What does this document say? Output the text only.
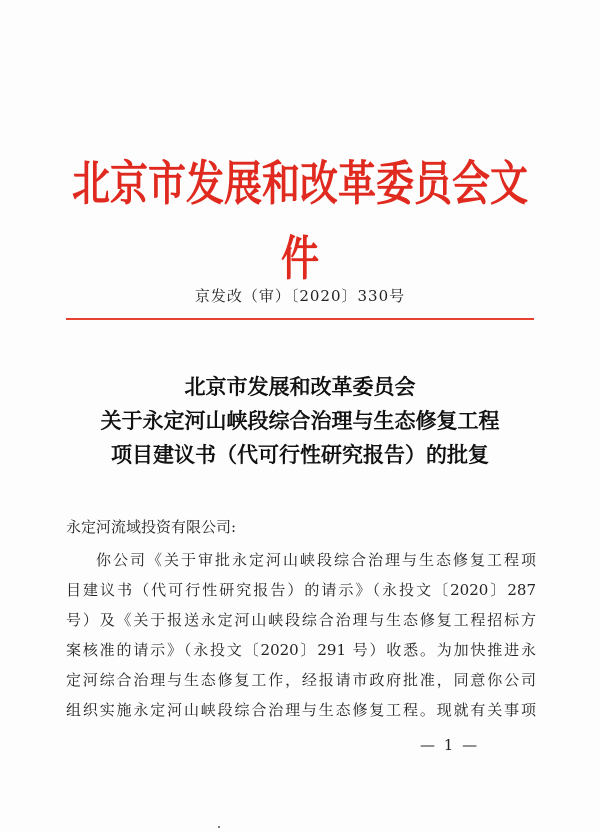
北京市发展和改革委员会文件
京发改（审）〔2020〕330号
北京市发展和改革委员会
关于永定河山峡段综合治理与生态修复工程
项目建议书（代可行性研究报告）的批复
永定河流域投资有限公司:
你公司《关于审批永定河山峡段综合治理与生态修复工程项
目建议书（代可行性研究报告）的请示》（永投文〔2020〕287
号）及《关于报送永定河山峡段综合治理与生态修复工程招标方
案核准的请示》（永投文〔2020〕291 号）收悉。为加快推进永
定河综合治理与生态修复工作，经报请市政府批准，同意你公司
组织实施永定河山峡段综合治理与生态修复工程。现就有关事项
— 1 —
